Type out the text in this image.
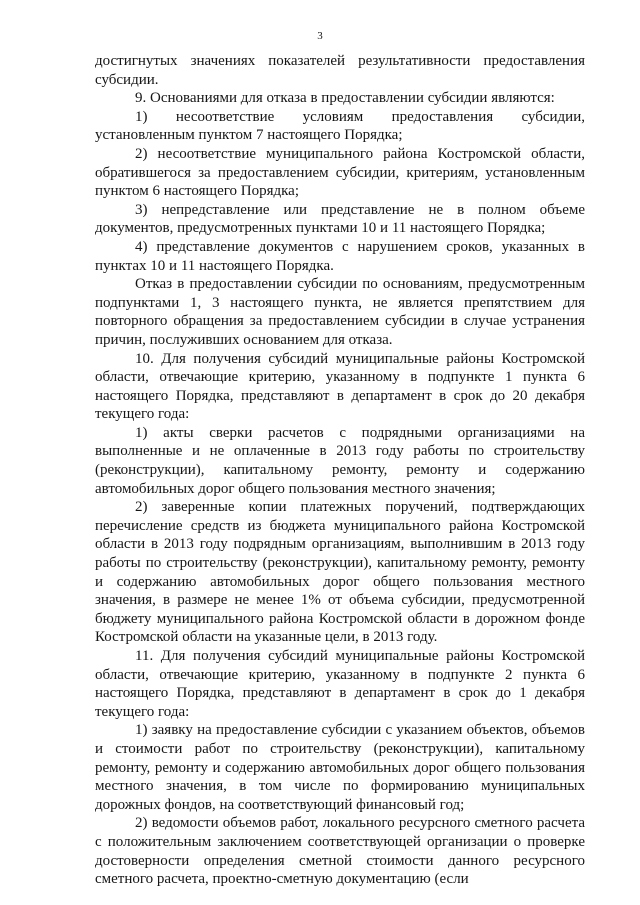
3

достигнутых значениях показателей результативности предоставления субсидии.

9. Основаниями для отказа в предоставлении субсидии являются:

1) несоответствие условиям предоставления субсидии, установленным пунктом 7 настоящего Порядка;

2) несоответствие муниципального района Костромской области, обратившегося за предоставлением субсидии, критериям, установленным пунктом 6 настоящего Порядка;

3) непредставление или представление не в полном объеме документов, предусмотренных пунктами 10 и 11 настоящего Порядка;

4) представление документов с нарушением сроков, указанных в пунктах 10 и 11 настоящего Порядка.

Отказ в предоставлении субсидии по основаниям, предусмотренным подпунктами 1, 3 настоящего пункта, не является препятствием для повторного обращения за предоставлением субсидии в случае устранения причин, послуживших основанием для отказа.

10. Для получения субсидий муниципальные районы Костромской области, отвечающие критерию, указанному в подпункте 1 пункта 6 настоящего Порядка, представляют в департамент в срок до 20 декабря текущего года:

1) акты сверки расчетов с подрядными организациями на выполненные и не оплаченные в 2013 году работы по строительству (реконструкции), капитальному ремонту, ремонту и содержанию автомобильных дорог общего пользования местного значения;

2) заверенные копии платежных поручений, подтверждающих перечисление средств из бюджета муниципального района Костромской области в 2013 году подрядным организациям, выполнившим в 2013 году работы по строительству (реконструкции), капитальному ремонту, ремонту и содержанию автомобильных дорог общего пользования местного значения, в размере не менее 1% от объема субсидии, предусмотренной бюджету муниципального района Костромской области в дорожном фонде Костромской области на указанные цели, в 2013 году.

11. Для получения субсидий муниципальные районы Костромской области, отвечающие критерию, указанному в подпункте 2 пункта 6 настоящего Порядка, представляют в департамент в срок до 1 декабря текущего года:

1) заявку на предоставление субсидии с указанием объектов, объемов и стоимости работ по строительству (реконструкции), капитальному ремонту, ремонту и содержанию автомобильных дорог общего пользования местного значения, в том числе по формированию муниципальных дорожных фондов, на соответствующий финансовый год;

2) ведомости объемов работ, локального ресурсного сметного расчета с положительным заключением соответствующей организации о проверке достоверности определения сметной стоимости данного ресурсного сметного расчета, проектно-сметную документацию (если
